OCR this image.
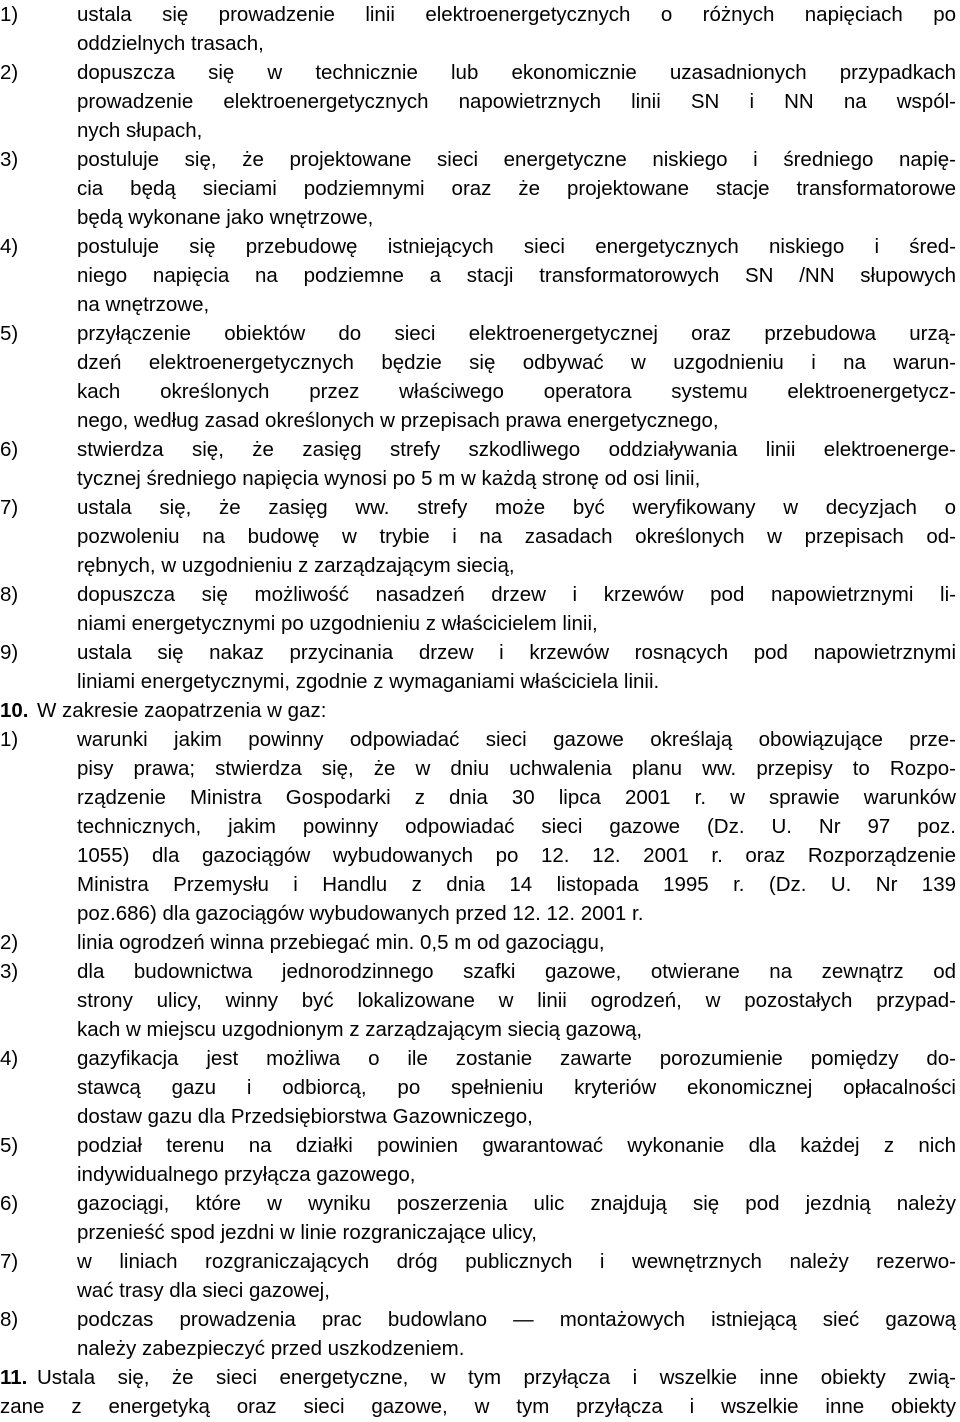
1)	ustala się prowadzenie linii elektroenergetycznych o różnych napięciach po
oddzielnych trasach,
2)	dopuszcza się w technicznie lub ekonomicznie uzasadnionych przypadkach
prowadzenie elektroenergetycznych napowietrznych linii SN i NN na wspól-
nych słupach,
3)	postuluje się, że projektowane sieci energetyczne niskiego i średniego napię-
cia będą sieciami podziemnymi oraz że projektowane stacje transformatorowe
będą wykonane jako wnętrzowe,
4)	postuluje się przebudowę istniejących sieci energetycznych niskiego i śred-
niego napięcia na podziemne a stacji transformatorowych SN /NN słupowych
na wnętrzowe,
5)	przyłączenie obiektów do sieci elektroenergetycznej oraz przebudowa urzą-
dzeń elektroenergetycznych będzie się odbywać w uzgodnieniu i na warun-
kach określonych przez właściwego operatora systemu elektroenergetycz-
nego, według zasad określonych w przepisach prawa energetycznego,
6)	stwierdza się, że zasięg strefy szkodliwego oddziaływania linii elektroenerge-
tycznej średniego napięcia wynosi po 5 m w każdą stronę od osi linii,
7)	ustala się, że zasięg ww. strefy może być weryfikowany w decyzjach o
pozwoleniu na budowę w trybie i na zasadach określonych w przepisach od-
rębnych, w uzgodnieniu z zarządzającym siecią,
8)	dopuszcza się możliwość nasadzeń drzew i krzewów pod napowietrznymi li-
niami energetycznymi po uzgodnieniu z właścicielem linii,
9)	ustala się nakaz przycinania drzew i krzewów rosnących pod napowietrznymi
liniami energetycznymi, zgodnie z wymaganiami właściciela linii.
10. W zakresie zaopatrzenia w gaz:
1)	warunki jakim powinny odpowiadać sieci gazowe określają obowiązujące prze-
pisy prawa; stwierdza się, że w dniu uchwalenia planu ww. przepisy to Rozpo-
rządzenie Ministra Gospodarki z dnia 30 lipca 2001 r. w sprawie warunków
technicznych, jakim powinny odpowiadać sieci gazowe (Dz. U. Nr 97 poz.
1055) dla gazociągów wybudowanych po 12. 12. 2001 r. oraz Rozporządzenie
Ministra Przemysłu i Handlu z dnia 14 listopada 1995 r. (Dz. U. Nr 139
poz.686) dla gazociągów wybudowanych przed 12. 12. 2001 r.
2)	linia ogrodzeń winna przebiegać min. 0,5 m od gazociągu,
3)	dla budownictwa jednorodzinnego szafki gazowe, otwierane na zewnątrz od
strony ulicy, winny być lokalizowane w linii ogrodzeń, w pozostałych przypad-
kach w miejscu uzgodnionym z zarządzającym siecią gazową,
4)	gazyfikacja jest możliwa o ile zostanie zawarte porozumienie pomiędzy do-
stawcą gazu i odbiorcą, po spełnieniu kryteriów ekonomicznej opłacalności
dostaw gazu dla Przedsiębiorstwa Gazowniczego,
5)	podział terenu na działki powinien gwarantować wykonanie dla każdej z nich
indywidualnego przyłącza gazowego,
6)	gazociągi, które w wyniku poszerzenia ulic znajdują się pod jezdnią należy
przenieść spod jezdni w linie rozgraniczające ulicy,
7)	w liniach rozgraniczających dróg publicznych i wewnętrznych należy rezerwo-
wać trasy dla sieci gazowej,
8)	podczas prowadzenia prac budowlano — montażowych istniejącą sieć gazową
należy zabezpieczyć przed uszkodzeniem.
11. Ustala się, że sieci energetyczne, w tym przyłącza i wszelkie inne obiekty zwią-
zane z energetyką oraz sieci gazowe, w tym przyłącza i wszelkie inne obiekty
